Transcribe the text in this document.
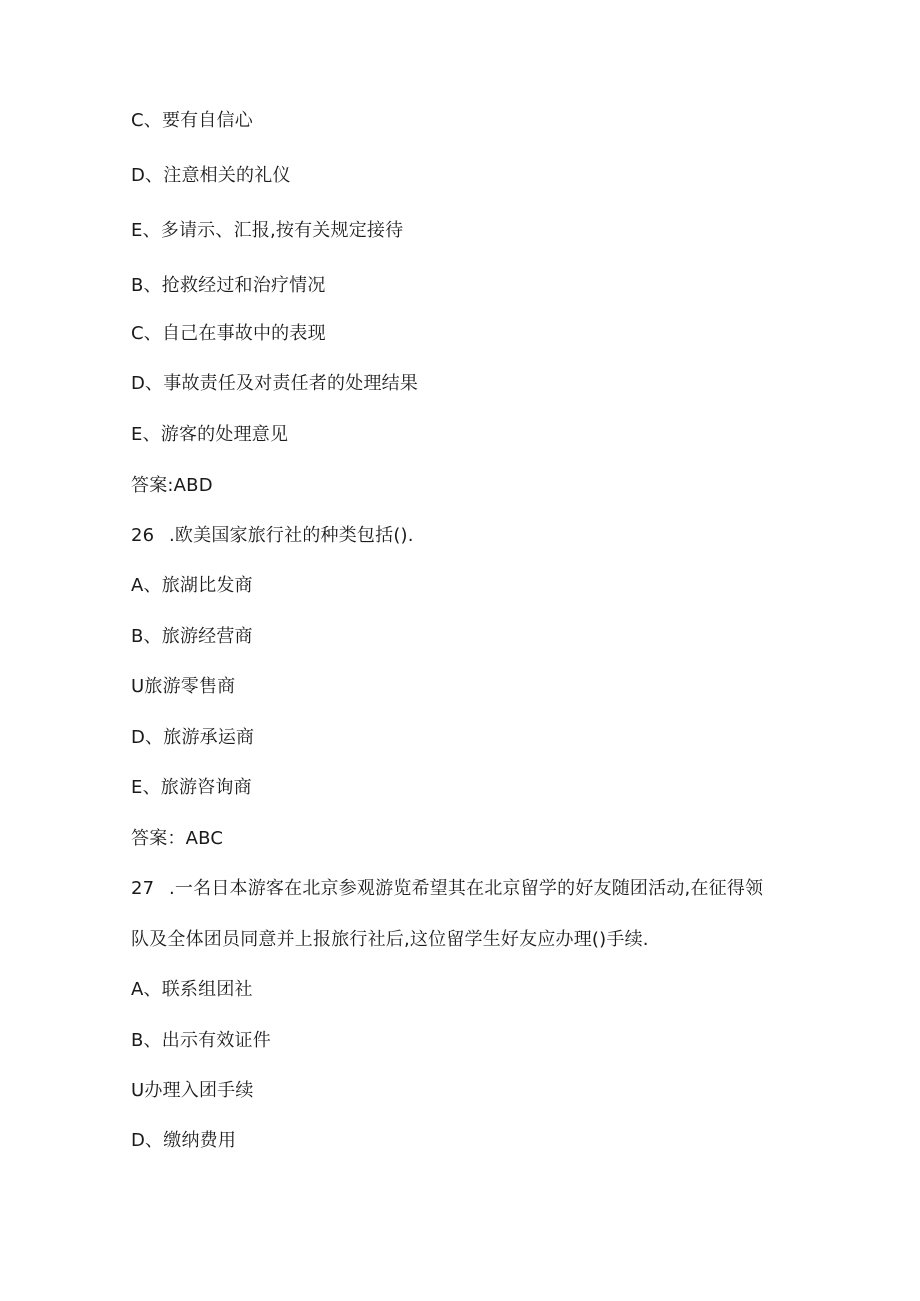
C、要有自信心
D、注意相关的礼仪
E、多请示、汇报,按有关规定接待
B、抢救经过和治疗情况
C、自己在事故中的表现
D、事故责任及对责任者的处理结果
E、游客的处理意见
答案:ABD
26 .欧美国家旅行社的种类包括().
A、旅湖比发商
B、旅游经营商
U旅游零售商
D、旅游承运商
E、旅游咨询商
答案：ABC
27 .一名日本游客在北京参观游览希望其在北京留学的好友随团活动,在征得领
队及全体团员同意并上报旅行社后,这位留学生好友应办理()手续.
A、联系组团社
B、出示有效证件
U办理入团手续
D、缴纳费用
